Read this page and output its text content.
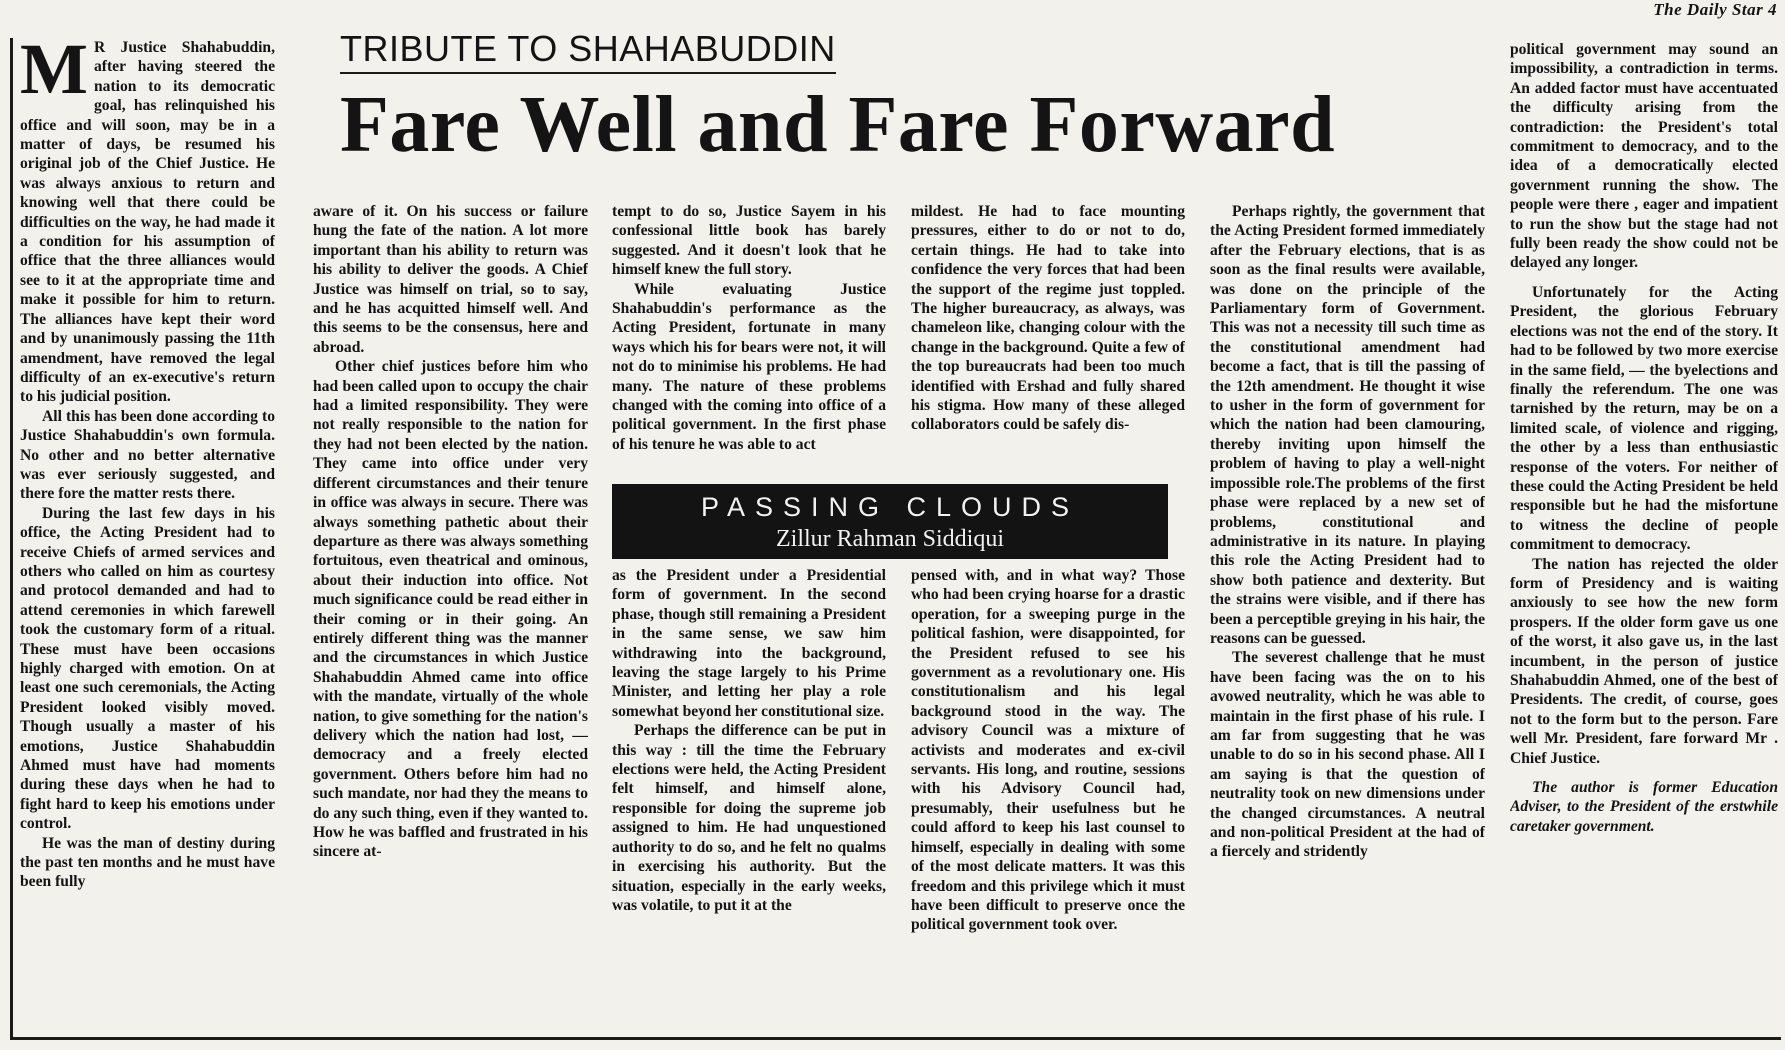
The Daily Star 4
M R Justice Shahabuddin, after having steered the nation to its democratic goal, has relinquished his office and will soon, may be in a matter of days, be resumed his original job of the Chief Justice. He was always anxious to return and knowing well that there could be difficulties on the way, he had made it a condition for his assumption of office that the three alliances would see to it at the appropriate time and make it possible for him to return. The alliances have kept their word and by unanimously passing the 11th amendment, have removed the legal difficulty of an ex-executive's return to his judicial position.

All this has been done according to Justice Shahabuddin's own formula. No other and no better alternative was ever seriously suggested, and there fore the matter rests there.

During the last few days in his office, the Acting President had to receive Chiefs of armed services and others who called on him as courtesy and protocol demanded and had to attend ceremonies in which farewell took the customary form of a ritual. These must have been occasions highly charged with emotion. On at least one such ceremonials, the Acting President looked visibly moved. Though usually a master of his emotions, Justice Shahabuddin Ahmed must have had moments during these days when he had to fight hard to keep his emotions under control.

He was the man of destiny during the past ten months and he must have been fully

TRIBUTE TO SHAHABUDDIN
Fare Well and Fare Forward

aware of it. On his success or failure hung the fate of the nation. A lot more important than his ability to return was his ability to deliver the goods. A Chief Justice was himself on trial, so to say, and he has acquitted himself well. And this seems to be the consensus, here and abroad.

Other chief justices before him who had been called upon to occupy the chair had a limited responsibility. They were not really responsible to the nation for they had not been elected by the nation. They came into office under very different circumstances and their tenure in office was always in secure. There was always something pathetic about their departure as there was always something fortuitous, even theatrical and ominous, about their induction into office. Not much significance could be read either in their coming or in their going. An entirely different thing was the manner and the circumstances in which Justice Shahabuddin Ahmed came into office with the mandate, virtually of the whole nation, to give something for the nation's delivery which the nation had lost, — democracy and a freely elected government. Others before him had no such mandate, nor had they the means to do any such thing, even if they wanted to. How he was baffled and frustrated in his sincere at-

tempt to do so, Justice Sayem in his confessional little book has barely suggested. And it doesn't look that he himself knew the full story.

While evaluating Justice Shahabuddin's performance as the Acting President, fortunate in many ways which his for bears were not, it will not do to minimise his problems. He had many. The nature of these problems changed with the coming into office of a political government. In the first phase of his tenure he was able to act

mildest. He had to face mounting pressures, either to do or not to do, certain things. He had to take into confidence the very forces that had been the support of the regime just toppled. The higher bureaucracy, as always, was chameleon like, changing colour with the change in the background. Quite a few of the top bureaucrats had been too much identified with Ershad and fully shared his stigma. How many of these alleged collaborators could be safely dis-

PASSING CLOUDS
Zillur Rahman Siddiqui

as the President under a Presidential form of government. In the second phase, though still remaining a President in the same sense, we saw him withdrawing into the background, leaving the stage largely to his Prime Minister, and letting her play a role somewhat beyond her constitutional size.

Perhaps the difference can be put in this way : till the time the February elections were held, the Acting President felt himself, and himself alone, responsible for doing the supreme job assigned to him. He had unquestioned authority to do so, and he felt no qualms in exercising his authority. But the situation, especially in the early weeks, was volatile, to put it at the

pensed with, and in what way? Those who had been crying hoarse for a drastic operation, for a sweeping purge in the political fashion, were disappointed, for the President refused to see his government as a revolutionary one. His constitutionalism and his legal background stood in the way. The advisory Council was a mixture of activists and moderates and ex-civil servants. His long, and routine, sessions with his Advisory Council had, presumably, their usefulness but he could afford to keep his last counsel to himself, especially in dealing with some of the most delicate matters. It was this freedom and this privilege which it must have been difficult to preserve once the political government took over.

Perhaps rightly, the government that the Acting President formed immediately after the February elections, that is as soon as the final results were available, was done on the principle of the Parliamentary form of Government. This was not a necessity till such time as the constitutional amendment had become a fact, that is till the passing of the 12th amendment. He thought it wise to usher in the form of government for which the nation had been clamouring, thereby inviting upon himself the problem of having to play a well-night impossible role.The problems of the first phase were replaced by a new set of problems, constitutional and administrative in its nature. In playing this role the Acting President had to show both patience and dexterity. But the strains were visible, and if there has been a perceptible greying in his hair, the reasons can be guessed.

The severest challenge that he must have been facing was the on to his avowed neutrality, which he was able to maintain in the first phase of his rule. I am far from suggesting that he was unable to do so in his second phase. All I am saying is that the question of neutrality took on new dimensions under the changed circumstances. A neutral and non-political President at the had of a fiercely and stridently

political government may sound an impossibility, a contradiction in terms. An added factor must have accentuated the difficulty arising from the contradiction: the President's total commitment to democracy, and to the idea of a democratically elected government running the show. The people were there , eager and impatient to run the show but the stage had not fully been ready the show could not be delayed any longer.

Unfortunately for the Acting President, the glorious February elections was not the end of the story. It had to be followed by two more exercise in the same field, — the byelections and finally the referendum. The one was tarnished by the return, may be on a limited scale, of violence and rigging, the other by a less than enthusiastic response of the voters. For neither of these could the Acting President be held responsible but he had the misfortune to witness the decline of people commitment to democracy.

The nation has rejected the older form of Presidency and is waiting anxiously to see how the new form prospers. If the older form gave us one of the worst, it also gave us, in the last incumbent, in the person of justice Shahabuddin Ahmed, one of the best of Presidents. The credit, of course, goes not to the form but to the person. Fare well Mr. President, fare forward Mr . Chief Justice.

The author is former Education Adviser, to the President of the erstwhile caretaker government.
